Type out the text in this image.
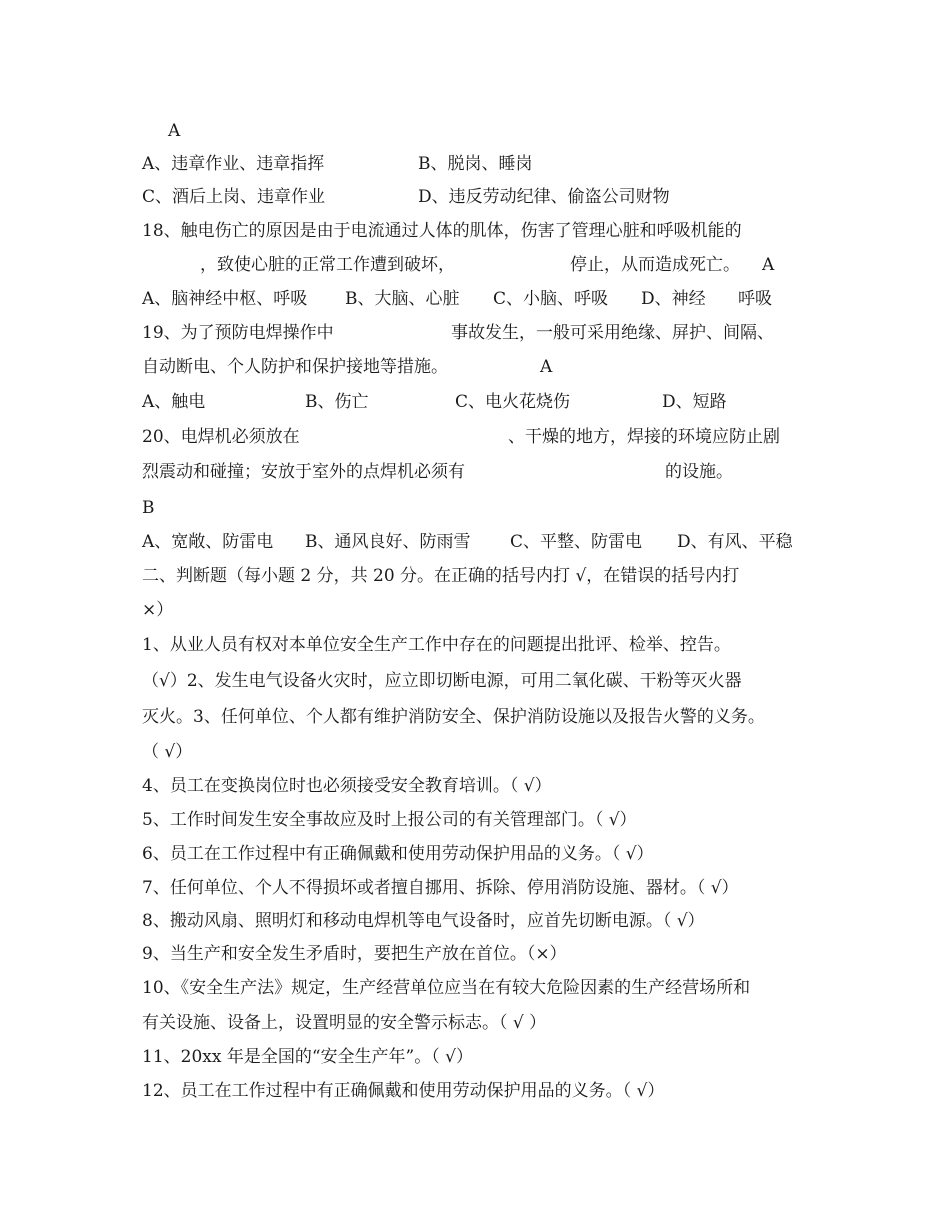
A
A、违章作业、违章指挥	B、脱岗、睡岗
C、酒后上岗、违章作业	D、违反劳动纪律、偷盗公司财物
18、触电伤亡的原因是由于电流通过人体的肌体，伤害了管理心脏和呼吸机能的
，致使心脏的正常工作遭到破坏，	停止，从而造成死亡。 A
A、脑神经中枢、呼吸 B、大脑、心脏 C、小脑、呼吸 D、神经 呼吸
19、为了预防电焊操作中	事故发生，一般可采用绝缘、屏护、间隔、
自动断电、个人防护和保护接地等措施。	A
A、触电	B、伤亡	C、电火花烧伤	D、短路
20、电焊机必须放在	、干燥的地方，焊接的环境应防止剧
烈震动和碰撞；安放于室外的点焊机必须有	的设施。
B
A、宽敞、防雷电 B、通风良好、防雨雪 C、平整、防雷电 D、有风、平稳
二、判断题（每小题 2 分，共 20 分。在正确的括号内打 √，在错误的括号内打
×）
1、从业人员有权对本单位安全生产工作中存在的问题提出批评、检举、控告。
（√）2、发生电气设备火灾时，应立即切断电源，可用二氧化碳、干粉等灭火器
灭火。3、任何单位、个人都有维护消防安全、保护消防设施以及报告火警的义务。
（ √）
4、员工在变换岗位时也必须接受安全教育培训。（ √）
5、工作时间发生安全事故应及时上报公司的有关管理部门。（ √）
6、员工在工作过程中有正确佩戴和使用劳动保护用品的义务。（ √）
7、任何单位、个人不得损坏或者擅自挪用、拆除、停用消防设施、器材。（ √）
8、搬动风扇、照明灯和移动电焊机等电气设备时，应首先切断电源。（ √）
9、当生产和安全发生矛盾时，要把生产放在首位。（×）
10、《安全生产法》规定，生产经营单位应当在有较大危险因素的生产经营场所和
有关设施、设备上，设置明显的安全警示标志。（ √ ）
11、20xx 年是全国的“安全生产年”。（ √）
12、员工在工作过程中有正确佩戴和使用劳动保护用品的义务。（ √）
